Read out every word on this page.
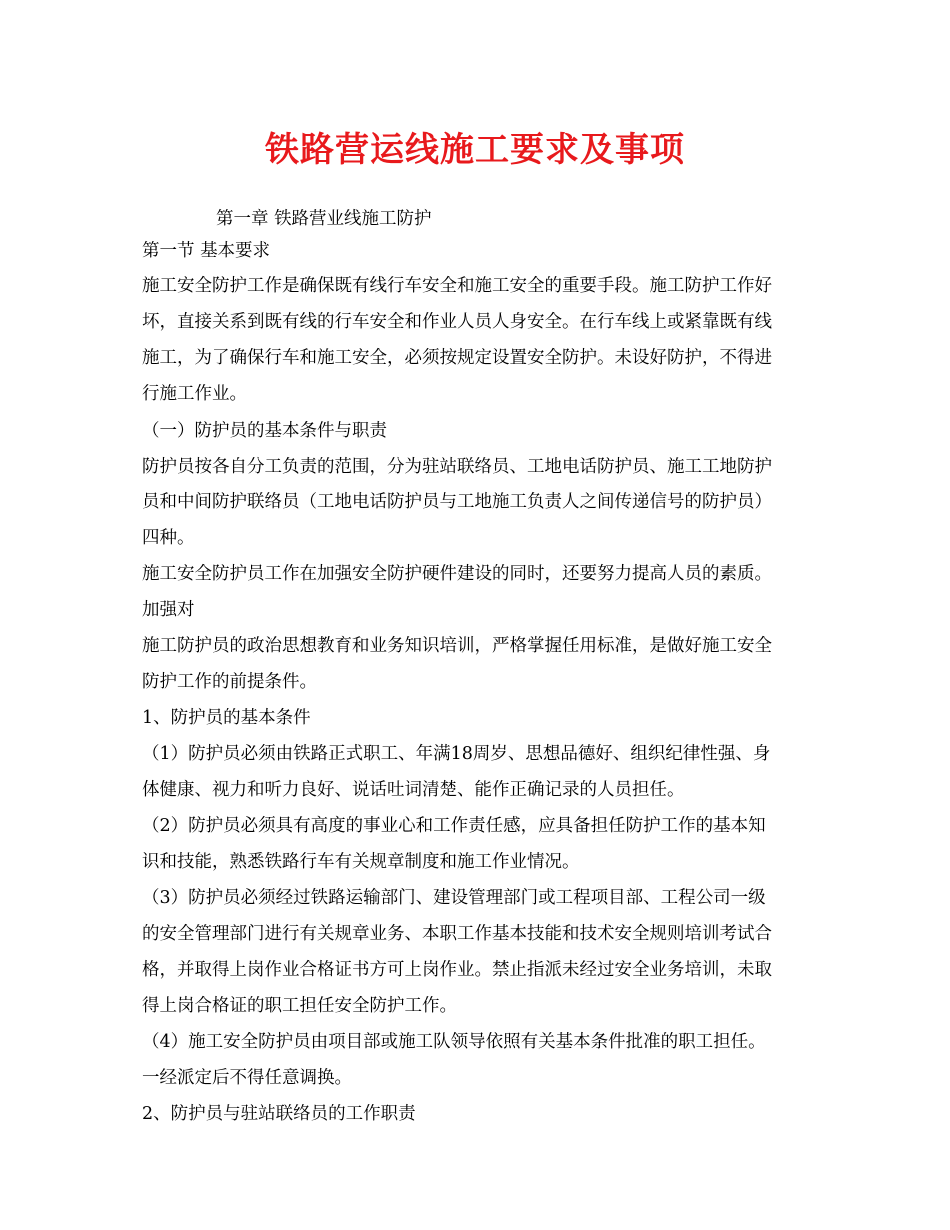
铁路营运线施工要求及事项
第一章 铁路营业线施工防护
第一节 基本要求
施工安全防护工作是确保既有线行车安全和施工安全的重要手段。施工防护工作好
坏，直接关系到既有线的行车安全和作业人员人身安全。在行车线上或紧靠既有线
施工，为了确保行车和施工安全，必须按规定设置安全防护。未设好防护，不得进
行施工作业。
（一）防护员的基本条件与职责
防护员按各自分工负责的范围，分为驻站联络员、工地电话防护员、施工工地防护
员和中间防护联络员（工地电话防护员与工地施工负责人之间传递信号的防护员）
四种。
施工安全防护员工作在加强安全防护硬件建设的同时，还要努力提高人员的素质。
加强对
施工防护员的政治思想教育和业务知识培训，严格掌握任用标准，是做好施工安全
防护工作的前提条件。
1、防护员的基本条件
（1）防护员必须由铁路正式职工、年满18周岁、思想品德好、组织纪律性强、身
体健康、视力和听力良好、说话吐词清楚、能作正确记录的人员担任。
（2）防护员必须具有高度的事业心和工作责任感，应具备担任防护工作的基本知
识和技能，熟悉铁路行车有关规章制度和施工作业情况。
（3）防护员必须经过铁路运输部门、建设管理部门或工程项目部、工程公司一级
的安全管理部门进行有关规章业务、本职工作基本技能和技术安全规则培训考试合
格，并取得上岗作业合格证书方可上岗作业。禁止指派未经过安全业务培训，未取
得上岗合格证的职工担任安全防护工作。
（4）施工安全防护员由项目部或施工队领导依照有关基本条件批准的职工担任。
一经派定后不得任意调换。
2、防护员与驻站联络员的工作职责
